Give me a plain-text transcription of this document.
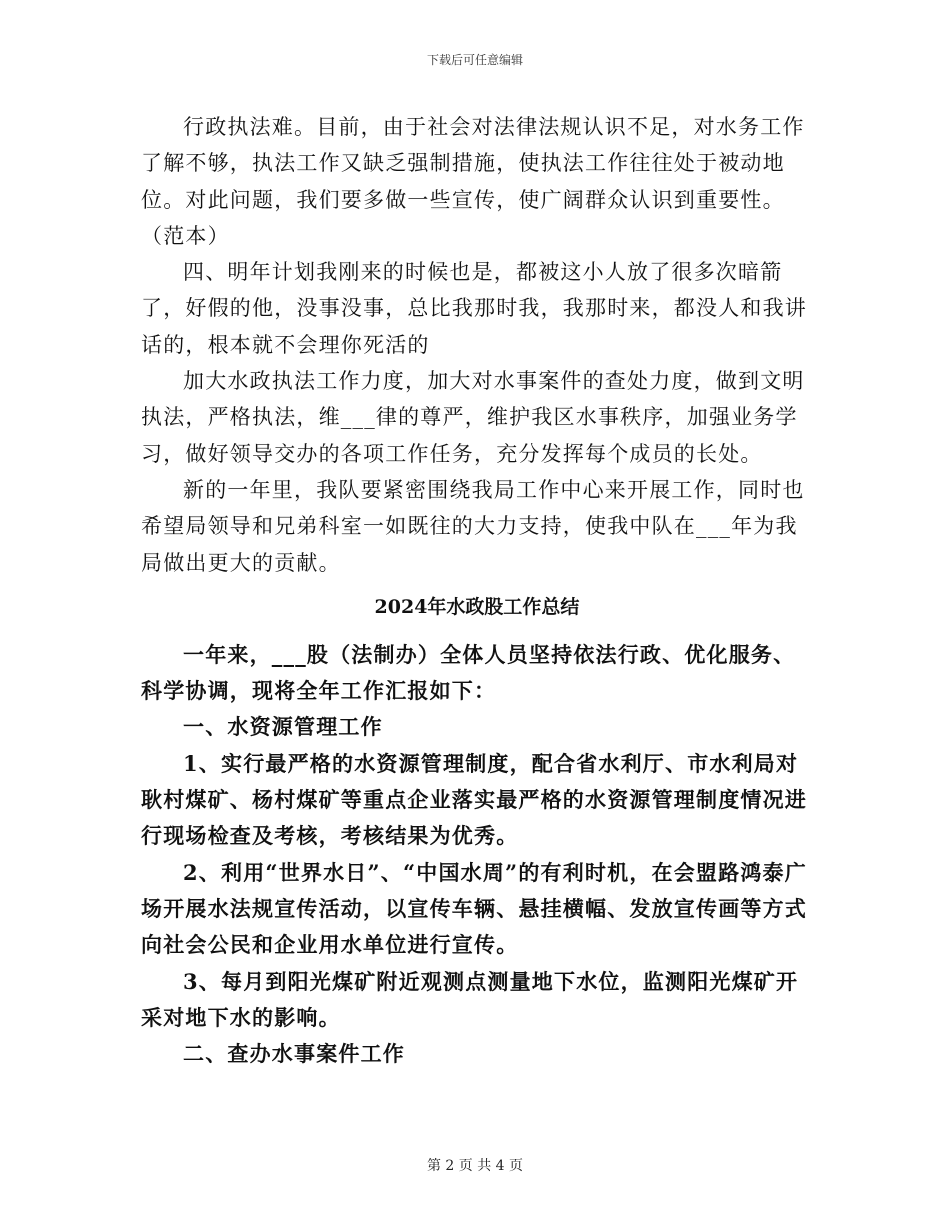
下载后可任意编辑

行政执法难。目前，由于社会对法律法规认识不足，对水务工作了解不够，执法工作又缺乏强制措施，使执法工作往往处于被动地位。对此问题，我们要多做一些宣传，使广阔群众认识到重要性。（范本）

四、明年计划我刚来的时候也是，都被这小人放了很多次暗箭了，好假的他，没事没事，总比我那时我，我那时来，都没人和我讲话的，根本就不会理你死活的

加大水政执法工作力度，加大对水事案件的查处力度，做到文明执法，严格执法，维___律的尊严，维护我区水事秩序，加强业务学习，做好领导交办的各项工作任务，充分发挥每个成员的长处。

新的一年里，我队要紧密围绕我局工作中心来开展工作，同时也希望局领导和兄弟科室一如既往的大力支持，使我中队在___年为我局做出更大的贡献。

2024年水政股工作总结

一年来，___股（法制办）全体人员坚持依法行政、优化服务、科学协调，现将全年工作汇报如下：

一、水资源管理工作

1、实行最严格的水资源管理制度，配合省水利厅、市水利局对耿村煤矿、杨村煤矿等重点企业落实最严格的水资源管理制度情况进行现场检查及考核，考核结果为优秀。

2、利用“世界水日”、“中国水周”的有利时机，在会盟路鸿泰广场开展水法规宣传活动，以宣传车辆、悬挂横幅、发放宣传画等方式向社会公民和企业用水单位进行宣传。

3、每月到阳光煤矿附近观测点测量地下水位，监测阳光煤矿开采对地下水的影响。

二、查办水事案件工作

第 2 页 共 4 页
